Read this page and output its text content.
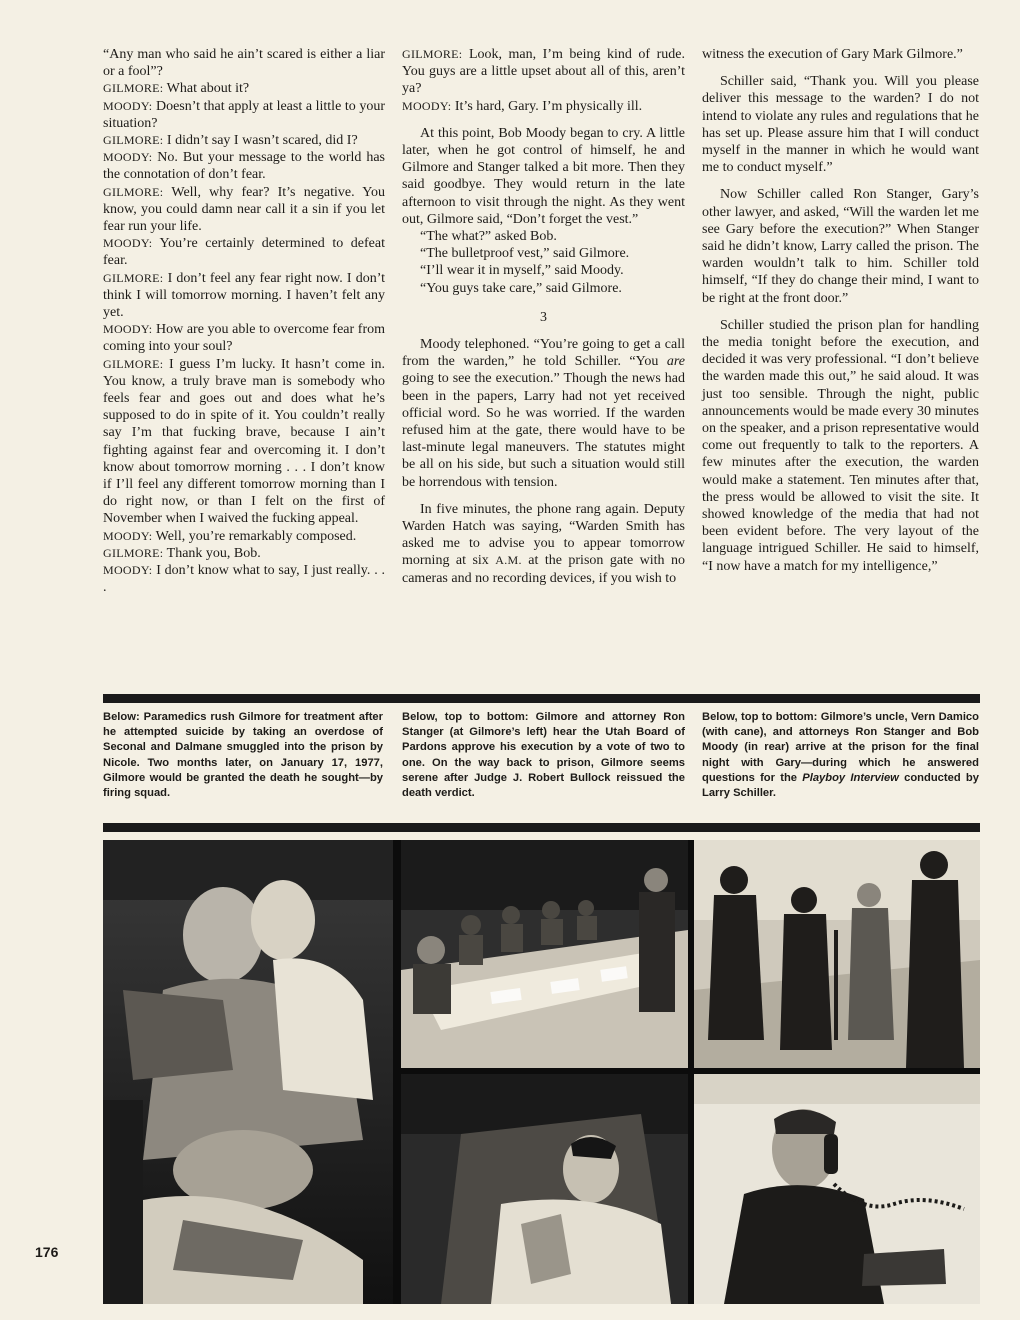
“Any man who said he ain’t scared is either a liar or a fool”?

GILMORE: What about it?

MOODY: Doesn’t that apply at least a little to your situation?

GILMORE: I didn’t say I wasn’t scared, did I?

MOODY: No. But your message to the world has the connotation of don’t fear.

GILMORE: Well, why fear? It’s negative. You know, you could damn near call it a sin if you let fear run your life.

MOODY: You’re certainly determined to defeat fear.

GILMORE: I don’t feel any fear right now. I don’t think I will tomorrow morning. I haven’t felt any yet.

MOODY: How are you able to overcome fear from coming into your soul?

GILMORE: I guess I’m lucky. It hasn’t come in. You know, a truly brave man is somebody who feels fear and goes out and does what he’s supposed to do in spite of it. You couldn’t really say I’m that fucking brave, because I ain’t fighting against fear and overcoming it. I don’t know about tomorrow morning . . . I don’t know if I’ll feel any different tomorrow morning than I do right now, or than I felt on the first of November when I waived the fucking appeal.

MOODY: Well, you’re remarkably composed.

GILMORE: Thank you, Bob.

MOODY: I don’t know what to say, I just really. . . .

GILMORE: Look, man, I’m being kind of rude. You guys are a little upset about all of this, aren’t ya?

MOODY: It’s hard, Gary. I’m physically ill.

At this point, Bob Moody began to cry. A little later, when he got control of himself, he and Gilmore and Stanger talked a bit more. Then they said goodbye. They would return in the late afternoon to visit through the night. As they went out, Gilmore said, “Don’t forget the vest.”

“The what?” asked Bob.

“The bulletproof vest,” said Gilmore.

“I’ll wear it in myself,” said Moody.

“You guys take care,” said Gilmore.

3

Moody telephoned. “You’re going to get a call from the warden,” he told Schiller. “You are going to see the execution.” Though the news had been in the papers, Larry had not yet received official word. So he was worried. If the warden refused him at the gate, there would have to be last-minute legal maneuvers. The statutes might be all on his side, but such a situation would still be horrendous with tension.

In five minutes, the phone rang again. Deputy Warden Hatch was saying, “Warden Smith has asked me to advise you to appear tomorrow morning at six A.M. at the prison gate with no cameras and no recording devices, if you wish to

witness the execution of Gary Mark Gilmore.”

Schiller said, “Thank you. Will you please deliver this message to the warden? I do not intend to violate any rules and regulations that he has set up. Please assure him that I will conduct myself in the manner in which he would want me to conduct myself.”

Now Schiller called Ron Stanger, Gary’s other lawyer, and asked, “Will the warden let me see Gary before the execution?” When Stanger said he didn’t know, Larry called the prison. The warden wouldn’t talk to him. Schiller told himself, “If they do change their mind, I want to be right at the front door.”

Schiller studied the prison plan for handling the media tonight before the execution, and decided it was very professional. “I don’t believe the warden made this out,” he said aloud. It was just too sensible. Through the night, public announcements would be made every 30 minutes on the speaker, and a prison representative would come out frequently to talk to the reporters. A few minutes after the execution, the warden would make a statement. Ten minutes after that, the press would be allowed to visit the site. It showed knowledge of the media that had not been evident before. The very layout of the language intrigued Schiller. He said to himself, “I now have a match for my intelligence,”

Below: Paramedics rush Gilmore for treatment after he attempted suicide by taking an overdose of Seconal and Dalmane smuggled into the prison by Nicole. Two months later, on January 17, 1977, Gilmore would be granted the death he sought—by firing squad.
Below, top to bottom: Gilmore and attorney Ron Stanger (at Gilmore’s left) hear the Utah Board of Pardons approve his execution by a vote of two to one. On the way back to prison, Gilmore seems serene after Judge J. Robert Bullock reissued the death verdict.
Below, top to bottom: Gilmore’s uncle, Vern Damico (with cane), and attorneys Ron Stanger and Bob Moody (in rear) arrive at the prison for the final night with Gary—during which he answered questions for the Playboy Interview conducted by Larry Schiller.
176
